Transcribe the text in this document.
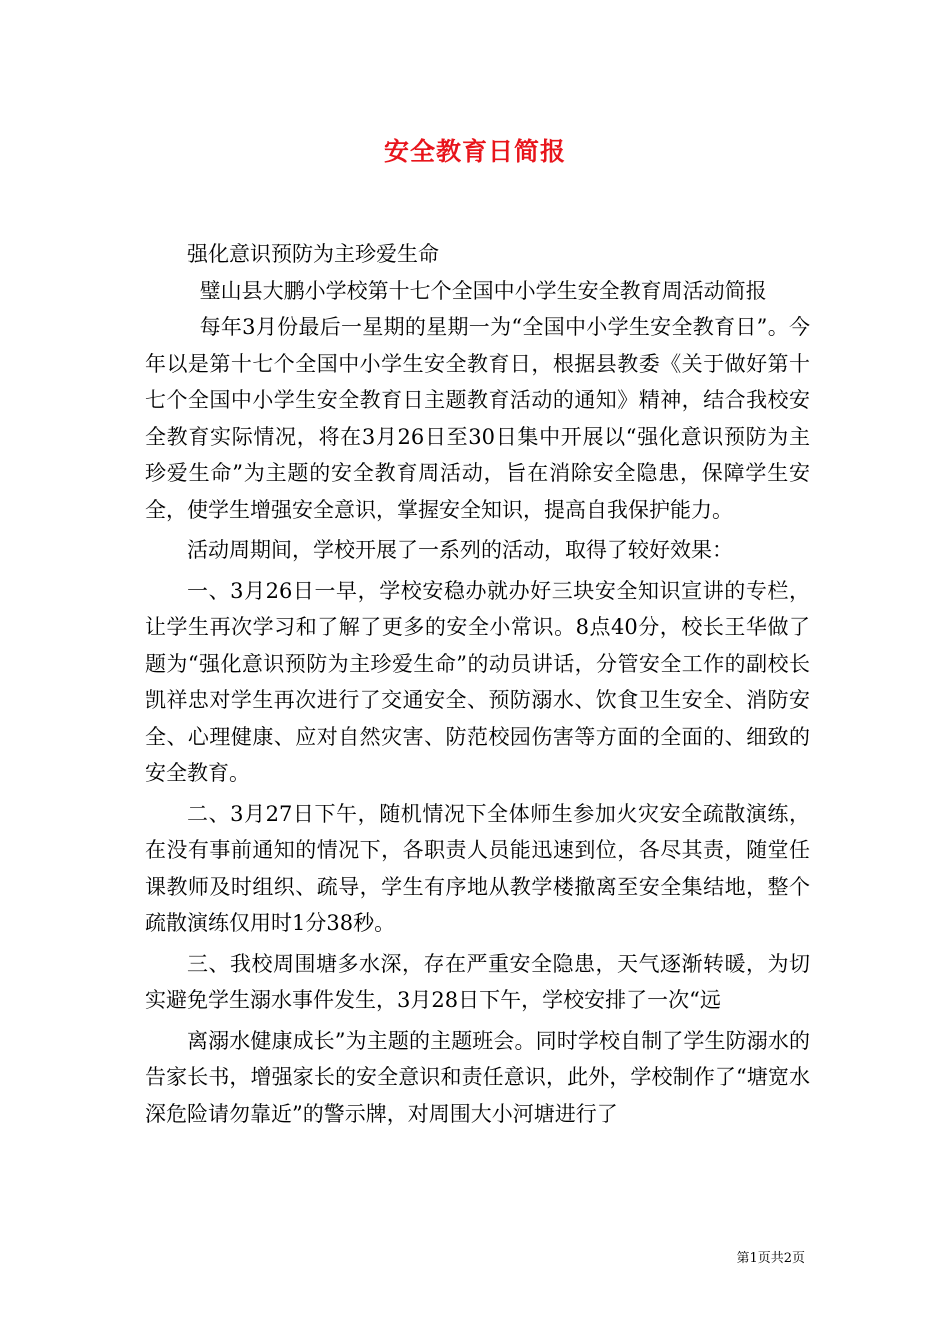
安全教育日简报

强化意识预防为主珍爱生命

璧山县大鹏小学校第十七个全国中小学生安全教育周活动简报

每年3月份最后一星期的星期一为“全国中小学生安全教育日”。今年以是第十七个全国中小学生安全教育日，根据县教委《关于做好第十七个全国中小学生安全教育日主题教育活动的通知》精神，结合我校安全教育实际情况，将在3月26日至30日集中开展以“强化意识预防为主珍爱生命”为主题的安全教育周活动，旨在消除安全隐患，保障学生安全，使学生增强安全意识，掌握安全知识，提高自我保护能力。

活动周期间，学校开展了一系列的活动，取得了较好效果：

一、3月26日一早，学校安稳办就办好三块安全知识宣讲的专栏，让学生再次学习和了解了更多的安全小常识。8点40分，校长王华做了题为“强化意识预防为主珍爱生命”的动员讲话，分管安全工作的副校长凯祥忠对学生再次进行了交通安全、预防溺水、饮食卫生安全、消防安全、心理健康、应对自然灾害、防范校园伤害等方面的全面的、细致的安全教育。

二、3月27日下午，随机情况下全体师生参加火灾安全疏散演练，在没有事前通知的情况下，各职责人员能迅速到位，各尽其责，随堂任课教师及时组织、疏导，学生有序地从教学楼撤离至安全集结地，整个疏散演练仅用时1分38秒。

三、我校周围塘多水深，存在严重安全隐患，天气逐渐转暖，为切实避免学生溺水事件发生，3月28日下午，学校安排了一次“远

离溺水健康成长”为主题的主题班会。同时学校自制了学生防溺水的告家长书，增强家长的安全意识和责任意识，此外，学校制作了“塘宽水深危险请勿靠近”的警示牌，对周围大小河塘进行了

第1页共2页
